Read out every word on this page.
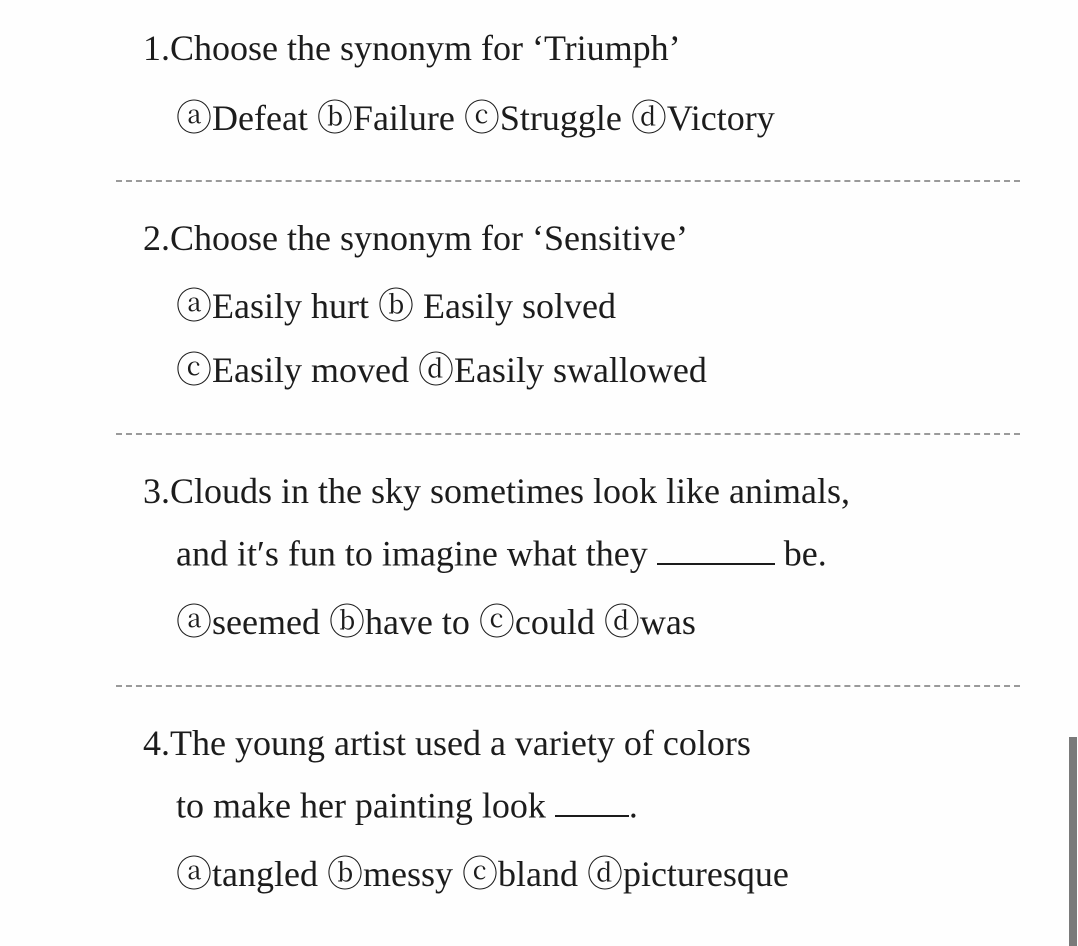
1.Choose the synonym for ‘Triumph’
ⓐDefeat ⓑFailure ⓒStruggle ⓓVictory
2.Choose the synonym for ‘Sensitive’
ⓐEasily hurt ⓑ Easily solved
ⓒEasily moved ⓓEasily swallowed
3.Clouds in the sky sometimes look like animals,
and it′s fun to imagine what they	be.
ⓐseemed ⓑhave to ⓒcould ⓓwas
4.The young artist used a variety of colors
to make her painting look .
ⓐtangled ⓑmessy ⓒbland ⓓpicturesque
